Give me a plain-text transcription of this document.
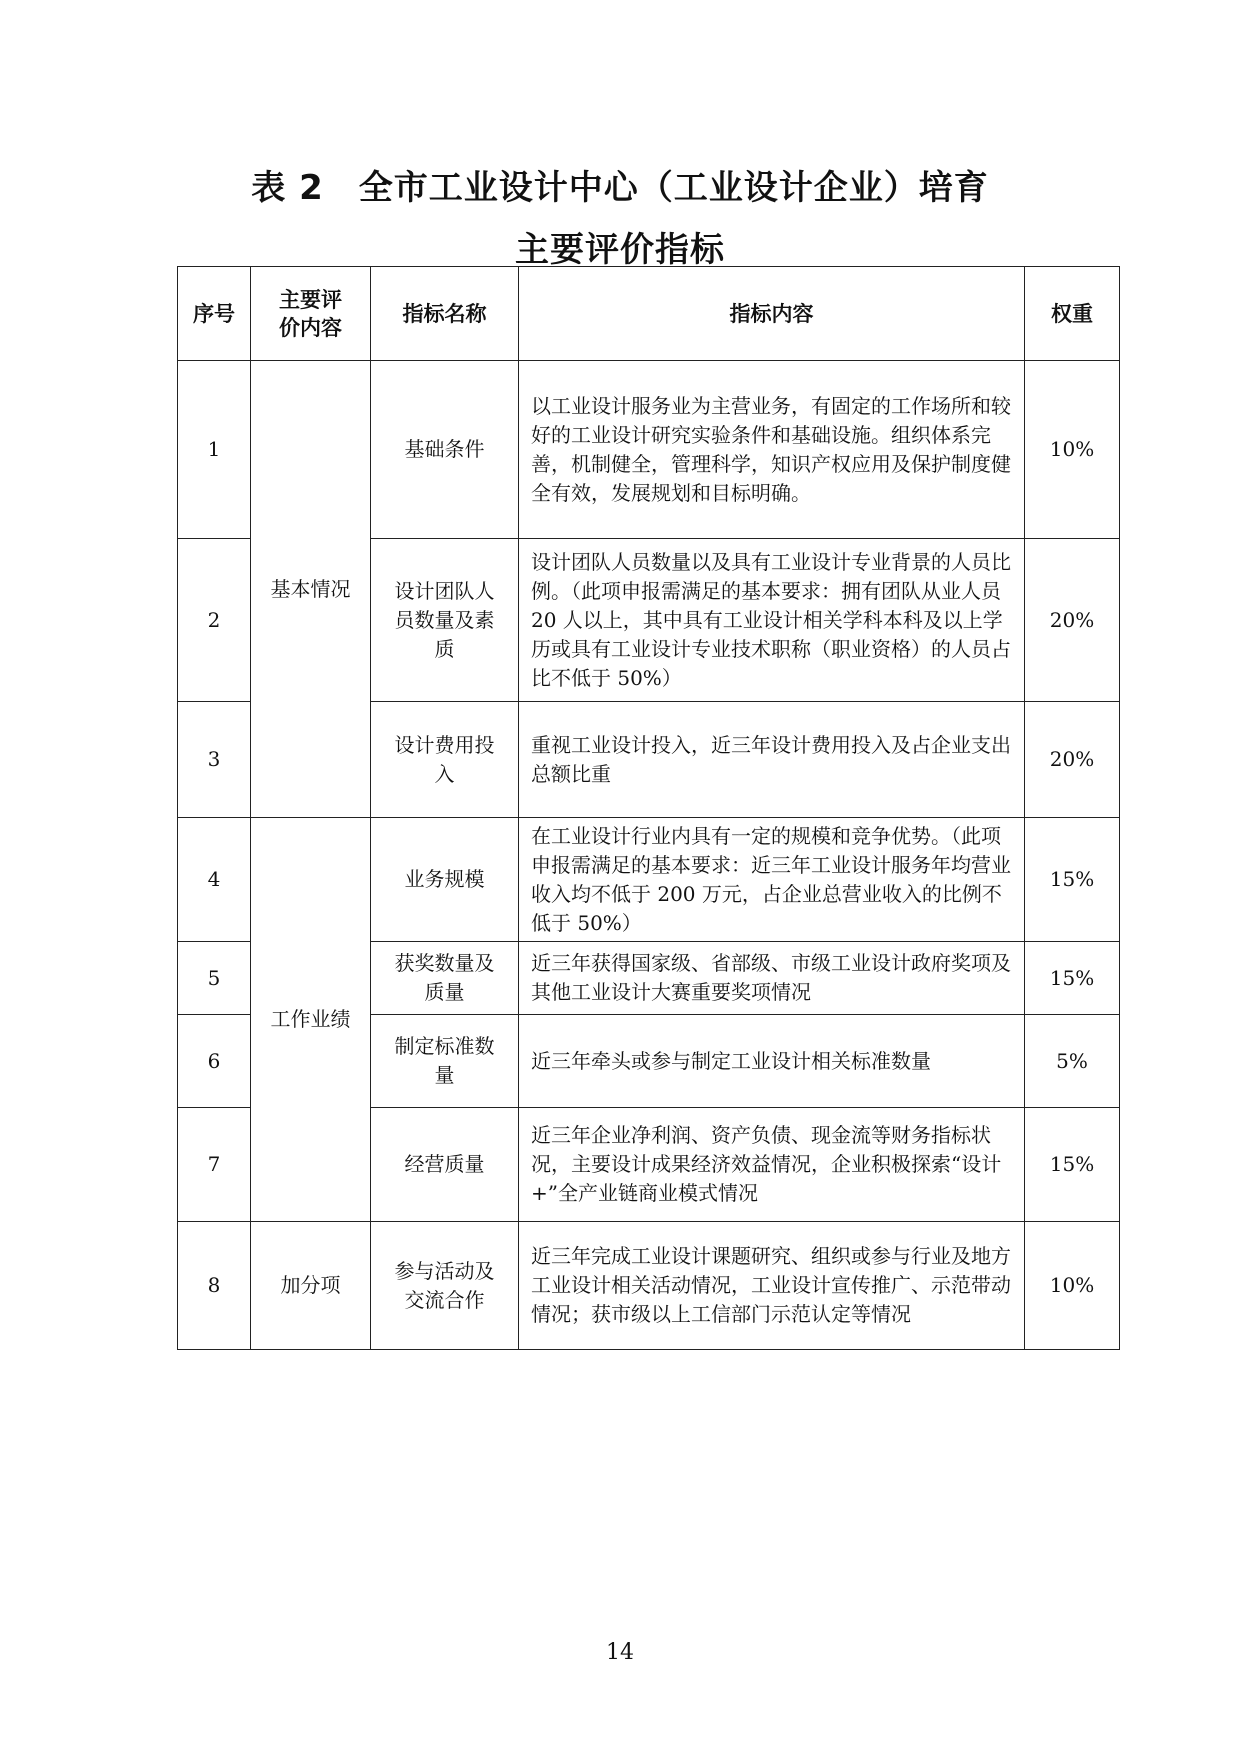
表 2　全市工业设计中心（工业设计企业）培育
主要评价指标
序号	主要评价内容	指标名称	指标内容	权重
1	基本情况	基础条件	以工业设计服务业为主营业务，有固定的工作场所和较好的工业设计研究实验条件和基础设施。组织体系完善，机制健全，管理科学，知识产权应用及保护制度健全有效，发展规划和目标明确。	10%
2		设计团队人员数量及素质	设计团队人员数量以及具有工业设计专业背景的人员比例。（此项申报需满足的基本要求：拥有团队从业人员 20 人以上，其中具有工业设计相关学科本科及以上学历或具有工业设计专业技术职称（职业资格）的人员占比不低于 50%）	20%
3		设计费用投入	重视工业设计投入，近三年设计费用投入及占企业支出总额比重	20%
4	工作业绩	业务规模	在工业设计行业内具有一定的规模和竞争优势。（此项申报需满足的基本要求：近三年工业设计服务年均营业收入均不低于 200 万元，占企业总营业收入的比例不低于 50%）	15%
5		获奖数量及质量	近三年获得国家级、省部级、市级工业设计政府奖项及其他工业设计大赛重要奖项情况	15%
6		制定标准数量	近三年牵头或参与制定工业设计相关标准数量	5%
7		经营质量	近三年企业净利润、资产负债、现金流等财务指标状况，主要设计成果经济效益情况，企业积极探索“设计+”全产业链商业模式情况	15%
8	加分项	参与活动及交流合作	近三年完成工业设计课题研究、组织或参与行业及地方工业设计相关活动情况，工业设计宣传推广、示范带动情况；获市级以上工信部门示范认定等情况	10%
14
